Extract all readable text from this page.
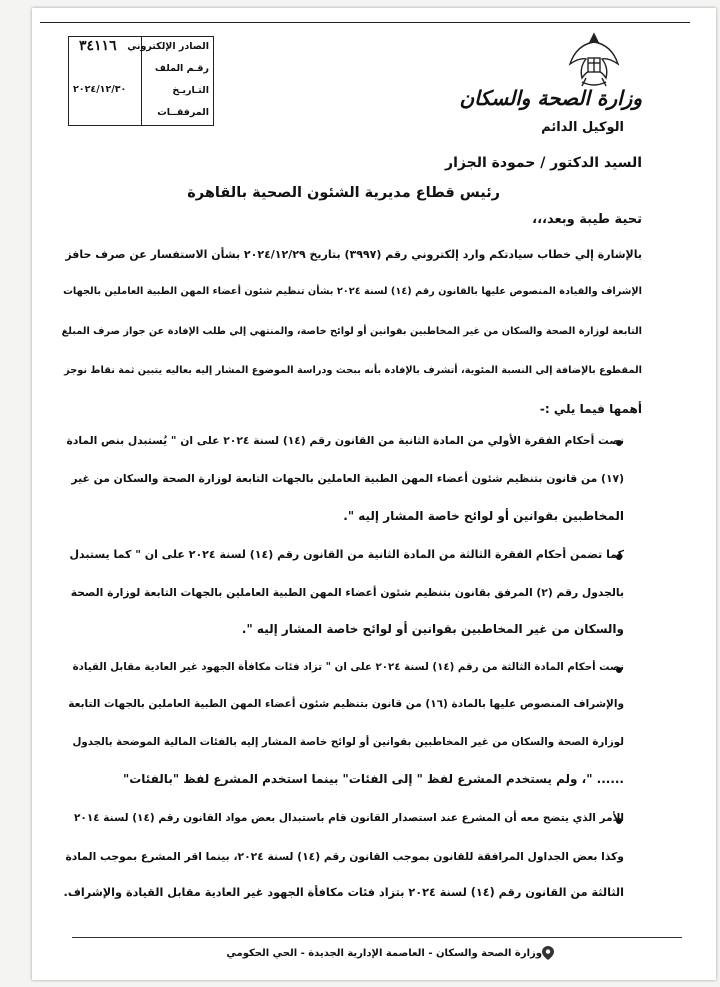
الصادر الإلكتروني
٣٤١١٦
رقـم الملف
التـاريـخ
٢٠٢٤/١٢/٣٠
المرفقــات
وزارة الصحة والسكان
الوكيل الدائم
السيد الدكتور / حمودة الجزار
رئيس قطاع مديرية الشئون الصحية بالقاهرة
تحية طيبة وبعد،،،
بالإشارة إلي خطاب سيادتكم وارد إلكتروني رقم (٣٩٩٧) بتاريخ ٢٠٢٤/١٢/٢٩ بشأن الاستفسار عن صرف حافز
الإشراف والقيادة المنصوص عليها بالقانون رقم (١٤) لسنة ٢٠٢٤ بشأن تنظيم شئون أعضاء المهن الطبية العاملين بالجهات
التابعة لوزارة الصحة والسكان من غير المخاطبين بقوانين أو لوائح خاصة، والمنتهي إلي طلب الإفادة عن جواز صرف المبلغ
المقطوع بالإضافة إلي النسبة المئوية، أتشرف بالإفادة بأنه ببحث ودراسة الموضوع المشار إليه بعاليه يتبين ثمة نقاط نوجز
أهمها فيما يلي :-
نصت أحكام الفقرة الأولي من المادة الثانية من القانون رقم (١٤) لسنة ٢٠٢٤ على ان " يُستبدل بنص المادة
(١٧) من قانون بتنظيم شئون أعضاء المهن الطبية العاملين بالجهات التابعة لوزارة الصحة والسكان من غير
المخاطبين بقوانين أو لوائح خاصة المشار إليه ".
كما تضمن أحكام الفقرة الثالثة من المادة الثانية من القانون رقم (١٤) لسنة ٢٠٢٤ على ان " كما يستبدل
بالجدول رقم (٢) المرفق بقانون بتنظيم شئون أعضاء المهن الطبية العاملين بالجهات التابعة لوزارة الصحة
والسكان من غير المخاطبين بقوانين أو لوائح خاصة المشار إليه ".
نصت أحكام المادة الثالثة من رقم (١٤) لسنة ٢٠٢٤ على ان " تزاد فئات مكافأة الجهود غير العادية مقابل القيادة
والإشراف المنصوص عليها بالمادة (١٦) من قانون بتنظيم شئون أعضاء المهن الطبية العاملين بالجهات التابعة
لوزارة الصحة والسكان من غير المخاطبين بقوانين أو لوائح خاصة المشار إليه بالفئات المالية الموضحة بالجدول
...... "، ولم يستخدم المشرع لفظ " إلى الفئات" بينما استخدم المشرع لفظ "بالفئات"
الأمر الذي يتضح معه أن المشرع عند استصدار القانون قام باستبدال بعض مواد القانون رقم (١٤) لسنة ٢٠١٤
وكذا بعض الجداول المرافقة للقانون بموجب القانون رقم (١٤) لسنة ٢٠٢٤، بينما اقر المشرع بموجب المادة
الثالثة من القانون رقم (١٤) لسنة ٢٠٢٤ بتزاد فئات مكافأة الجهود غير العادية مقابل القيادة والإشراف.
وزارة الصحة والسكان - العاصمة الإدارية الجديدة - الحي الحكومي
